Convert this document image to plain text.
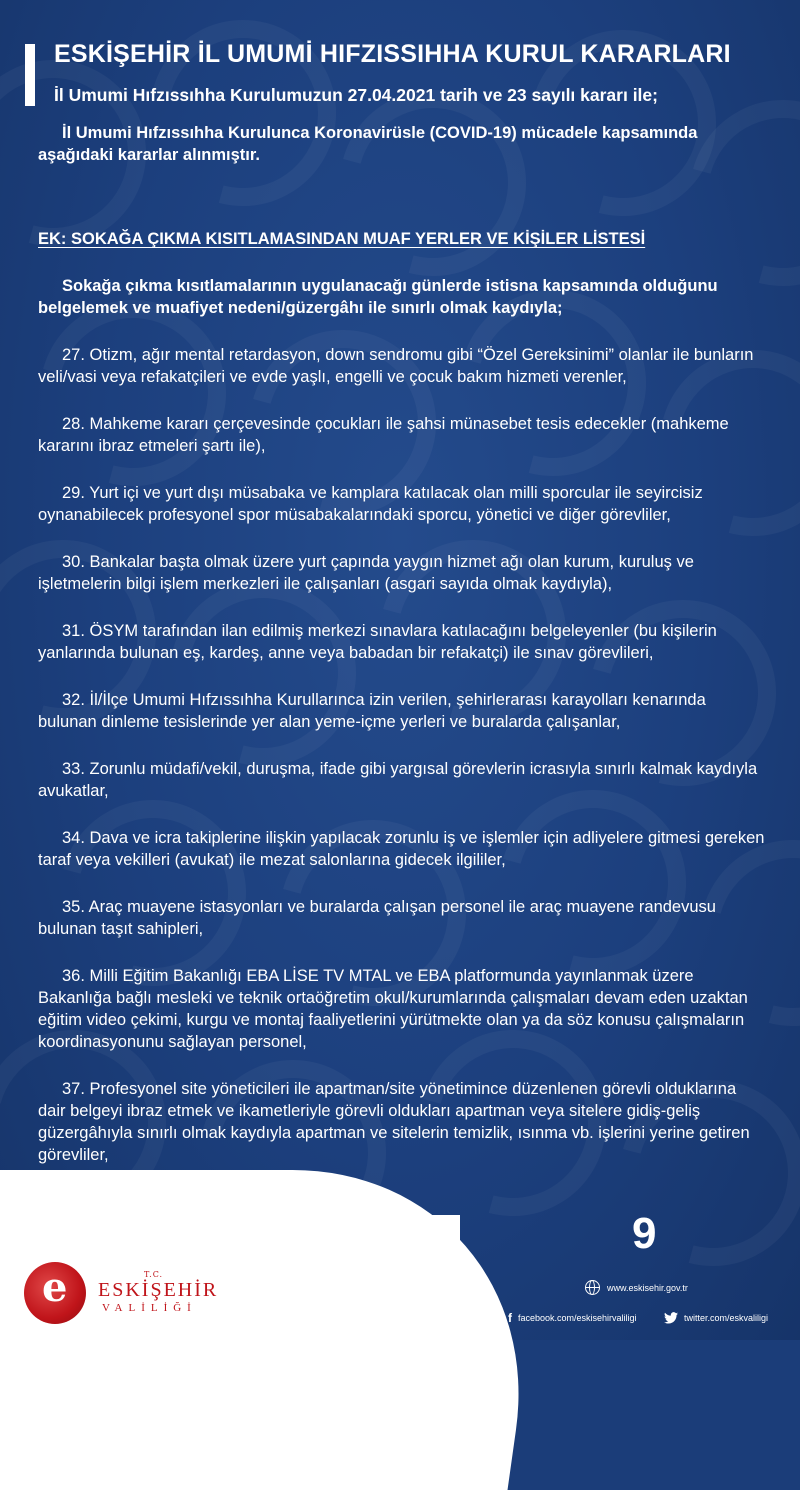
ESKİŞEHİR İL UMUMİ HIFZISSIHHA KURUL KARARLARI

İl Umumi Hıfzıssıhha Kurulumuzun 27.04.2021 tarih ve 23 sayılı kararı ile;

İl Umumi Hıfzıssıhha Kurulunca Koronavirüsle (COVID-19) mücadele kapsamında aşağıdaki kararlar alınmıştır.

EK: SOKAĞA ÇIKMA KISITLAMASINDAN MUAF YERLER VE KİŞİLER LİSTESİ

Sokağa çıkma kısıtlamalarının uygulanacağı günlerde istisna kapsamında olduğunu belgelemek ve muafiyet nedeni/güzergâhı ile sınırlı olmak kaydıyla;

27. Otizm, ağır mental retardasyon, down sendromu gibi “Özel Gereksinimi” olanlar ile bunların veli/vasi veya refakatçileri ve evde yaşlı, engelli ve çocuk bakım hizmeti verenler,

28. Mahkeme kararı çerçevesinde çocukları ile şahsi münasebet tesis edecekler (mahkeme kararını ibraz etmeleri şartı ile),

29. Yurt içi ve yurt dışı müsabaka ve kamplara katılacak olan milli sporcular ile seyircisiz oynanabilecek profesyonel spor müsabakalarındaki sporcu, yönetici ve diğer görevliler,

30. Bankalar başta olmak üzere yurt çapında yaygın hizmet ağı olan kurum, kuruluş ve işletmelerin bilgi işlem merkezleri ile çalışanları (asgari sayıda olmak kaydıyla),

31. ÖSYM tarafından ilan edilmiş merkezi sınavlara katılacağını belgeleyenler (bu kişilerin yanlarında bulunan eş, kardeş, anne veya babadan bir refakatçi) ile sınav görevlileri,

32. İl/İlçe Umumi Hıfzıssıhha Kurullarınca izin verilen, şehirlerarası karayolları kenarında bulunan dinleme tesislerinde yer alan yeme-içme yerleri ve buralarda çalışanlar,

33. Zorunlu müdafi/vekil, duruşma, ifade gibi yargısal görevlerin icrasıyla sınırlı kalmak kaydıyla avukatlar,

34. Dava ve icra takiplerine ilişkin yapılacak zorunlu iş ve işlemler için adliyelere gitmesi gereken taraf veya vekilleri (avukat) ile mezat salonlarına gidecek ilgililer,

35. Araç muayene istasyonları ve buralarda çalışan personel ile araç muayene randevusu bulunan taşıt sahipleri,

36. Milli Eğitim Bakanlığı EBA LİSE TV MTAL ve EBA platformunda yayınlanmak üzere Bakanlığa bağlı mesleki ve teknik ortaöğretim okul/kurumlarında çalışmaları devam eden uzaktan eğitim video çekimi, kurgu ve montaj faaliyetlerini yürütmekte olan ya da söz konusu çalışmaların koordinasyonunu sağlayan personel,

37. Profesyonel site yöneticileri ile apartman/site yönetimince düzenlenen görevli olduklarına dair belgeyi ibraz etmek ve ikametleriyle görevli oldukları apartman veya sitelere gidiş-geliş güzergâhıyla sınırlı olmak kaydıyla apartman ve sitelerin temizlik, ısınma vb. işlerini yerine getiren görevliler,

9
e	T.C.
ESKİŞEHİR
VALİLİĞİ
www.eskisehir.gov.tr
f facebook.com/eskisehirvaliligi	twitter.com/eskvaliligi
